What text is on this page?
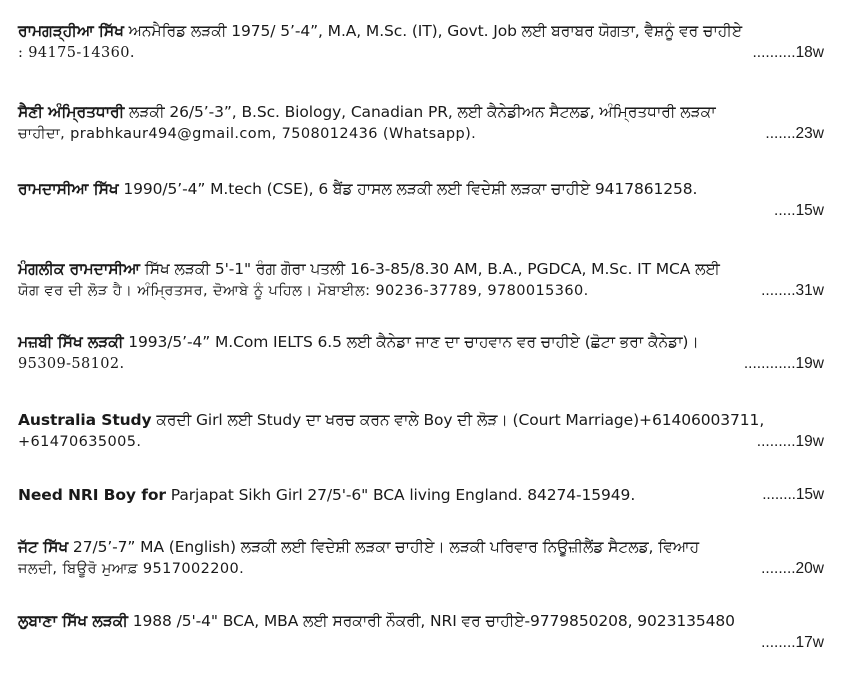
ਰਾਮਗੜ੍ਹੀਆ ਸਿੱਖ ਅਨਮੈਰਿਡ ਲੜਕੀ 1975/ 5’-4”, M.A, M.Sc. (IT), Govt. Job ਲਈ ਬਰਾਬਰ ਯੋਗਤਾ, ਵੈਸ਼ਨੂੰ ਵਰ ਚਾਹੀਏ
: 94175-14360.	..........18w
ਸੈਣੀ ਅੰਮ੍ਰਿਤਧਾਰੀ ਲੜਕੀ 26/5’-3”, B.Sc. Biology, Canadian PR, ਲਈ ਕੈਨੇਡੀਅਨ ਸੈਟਲਡ, ਅੰਮ੍ਰਿਤਧਾਰੀ ਲੜਕਾ
ਚਾਹੀਦਾ, prabhkaur494@gmail.com, 7508012436 (Whatsapp).	.......23w
ਰਾਮਦਾਸੀਆ ਸਿੱਖ 1990/5’-4” M.tech (CSE), 6 ਬੈਂਡ ਹਾਸਲ ਲੜਕੀ ਲਈ ਵਿਦੇਸ਼ੀ ਲੜਕਾ ਚਾਹੀਏ 9417861258.
.....15w
ਮੰਗਲੀਕ ਰਾਮਦਾਸੀਆ ਸਿੱਖ ਲੜਕੀ 5'-1" ਰੰਗ ਗੋਰਾ ਪਤਲੀ 16-3-85/8.30 AM, B.A., PGDCA, M.Sc. IT MCA ਲਈ
ਯੋਗ ਵਰ ਦੀ ਲੋੜ ਹੈ। ਅੰਮ੍ਰਿਤਸਰ, ਦੋਆਬੇ ਨੂੰ ਪਹਿਲ। ਮੋਬਾਈਲ: 90236-37789, 9780015360.	........31w
ਮਜ਼ਬੀ ਸਿੱਖ ਲੜਕੀ 1993/5’-4” M.Com IELTS 6.5 ਲਈ ਕੈਨੇਡਾ ਜਾਣ ਦਾ ਚਾਹਵਾਨ ਵਰ ਚਾਹੀਏ (ਛੋਟਾ ਭਰਾ ਕੈਨੇਡਾ)।
95309-58102.	............19w
Australia Study ਕਰਦੀ Girl ਲਈ Study ਦਾ ਖਰਚ ਕਰਨ ਵਾਲੇ Boy ਦੀ ਲੋੜ। (Court Marriage)+61406003711,
+61470635005.	.........19w
Need NRI Boy for Parjapat Sikh Girl 27/5'-6" BCA living England. 84274-15949.	........15w
ਜੱਟ ਸਿੱਖ 27/5’-7” MA (English) ਲੜਕੀ ਲਈ ਵਿਦੇਸ਼ੀ ਲੜਕਾ ਚਾਹੀਏ। ਲੜਕੀ ਪਰਿਵਾਰ ਨਿਊਜ਼ੀਲੈਂਡ ਸੈਟਲਡ, ਵਿਆਹ
ਜਲਦੀ, ਬਿਊਰੋ ਮੁਆਫ਼ 9517002200.	........20w
ਲੁਬਾਣਾ ਸਿੱਖ ਲੜਕੀ 1988 /5'-4" BCA, MBA ਲਈ ਸਰਕਾਰੀ ਨੌਕਰੀ, NRI ਵਰ ਚਾਹੀਏ-9779850208, 9023135480
........17w
